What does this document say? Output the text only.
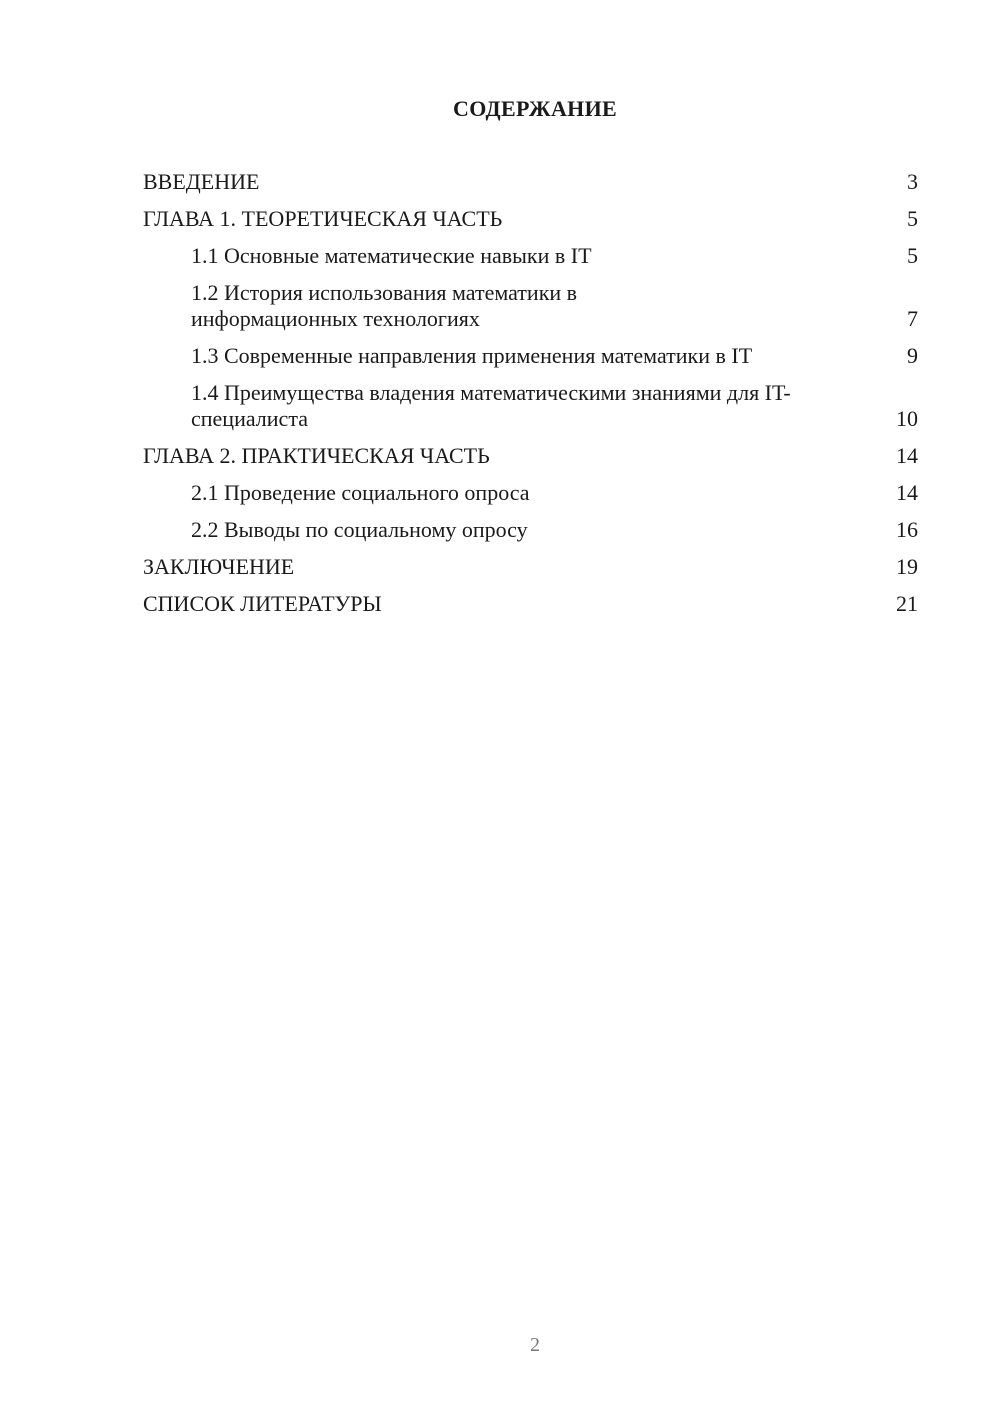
СОДЕРЖАНИЕ
ВВЕДЕНИЕ	3
ГЛАВА 1. ТЕОРЕТИЧЕСКАЯ ЧАСТЬ	5
1.1 Основные математические навыки в IT	5
1.2 История использования математики в информационных технологиях	7
1.3 Современные направления применения математики в IT	9
1.4 Преимущества владения математическими знаниями для IT-специалиста	10
ГЛАВА 2. ПРАКТИЧЕСКАЯ ЧАСТЬ	14
2.1 Проведение социального опроса	14
2.2 Выводы по социальному опросу	16
ЗАКЛЮЧЕНИЕ	19
СПИСОК ЛИТЕРАТУРЫ	21
2
